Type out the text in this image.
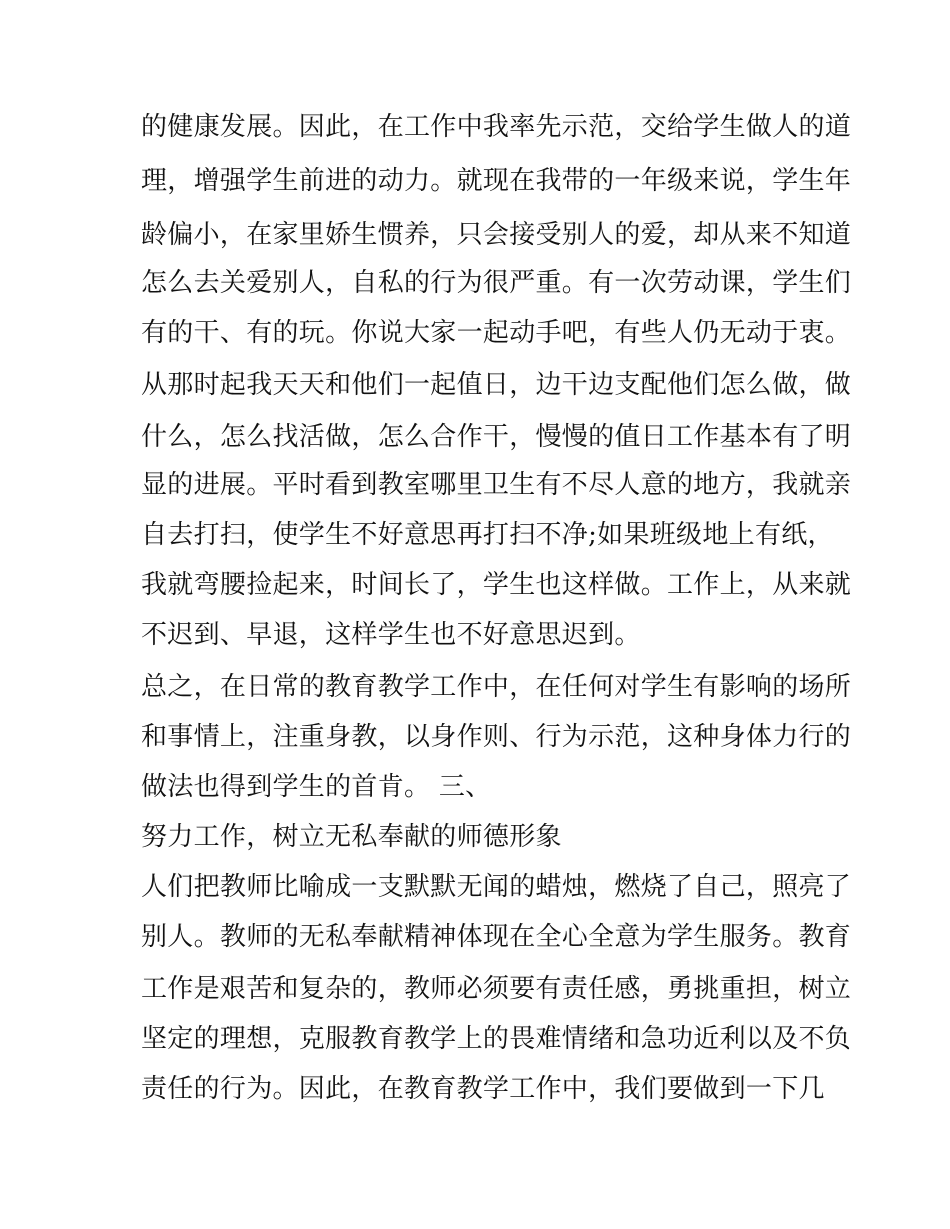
的健康发展。因此，在工作中我率先示范，交给学生做人的道
理，增强学生前进的动力。就现在我带的一年级来说，学生年
龄偏小，在家里娇生惯养，只会接受别人的爱，却从来不知道
怎么去关爱别人，自私的行为很严重。有一次劳动课，学生们
有的干、有的玩。你说大家一起动手吧，有些人仍无动于衷。
从那时起我天天和他们一起值日，边干边支配他们怎么做，做
什么，怎么找活做，怎么合作干，慢慢的值日工作基本有了明
显的进展。平时看到教室哪里卫生有不尽人意的地方，我就亲
自去打扫，使学生不好意思再打扫不净;如果班级地上有纸，
我就弯腰捡起来，时间长了，学生也这样做。工作上，从来就
不迟到、早退，这样学生也不好意思迟到。
总之，在日常的教育教学工作中，在任何对学生有影响的场所
和事情上，注重身教，以身作则、行为示范，这种身体力行的
做法也得到学生的首肯。 三、
努力工作，树立无私奉献的师德形象
人们把教师比喻成一支默默无闻的蜡烛，燃烧了自己，照亮了
别人。教师的无私奉献精神体现在全心全意为学生服务。教育
工作是艰苦和复杂的，教师必须要有责任感，勇挑重担，树立
坚定的理想，克服教育教学上的畏难情绪和急功近利以及不负
责任的行为。因此，在教育教学工作中，我们要做到一下几
